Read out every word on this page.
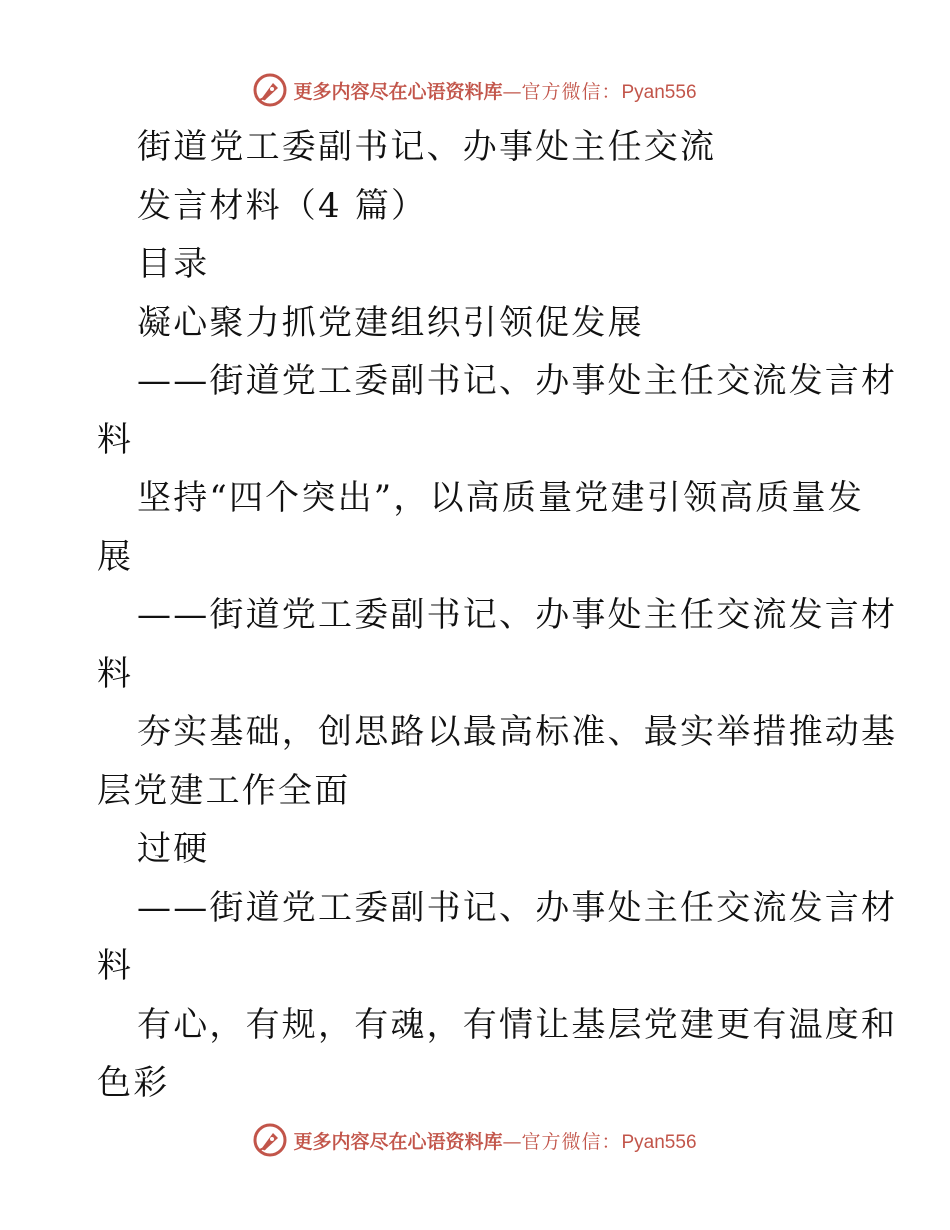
更多内容尽在心语资料库 — 官方微信： Pyan556
街道党工委副书记、办事处主任交流
发言材料（4 篇）
目录
凝心聚力抓党建组织引领促发展
——街道党工委副书记、办事处主任交流发言材
料
坚持“四个突出”，以高质量党建引领高质量发
展
——街道党工委副书记、办事处主任交流发言材
料
夯实基础，创思路以最高标准、最实举措推动基
层党建工作全面
过硬
——街道党工委副书记、办事处主任交流发言材
料
有心，有规，有魂，有情让基层党建更有温度和
色彩
更多内容尽在心语资料库 — 官方微信： Pyan556
